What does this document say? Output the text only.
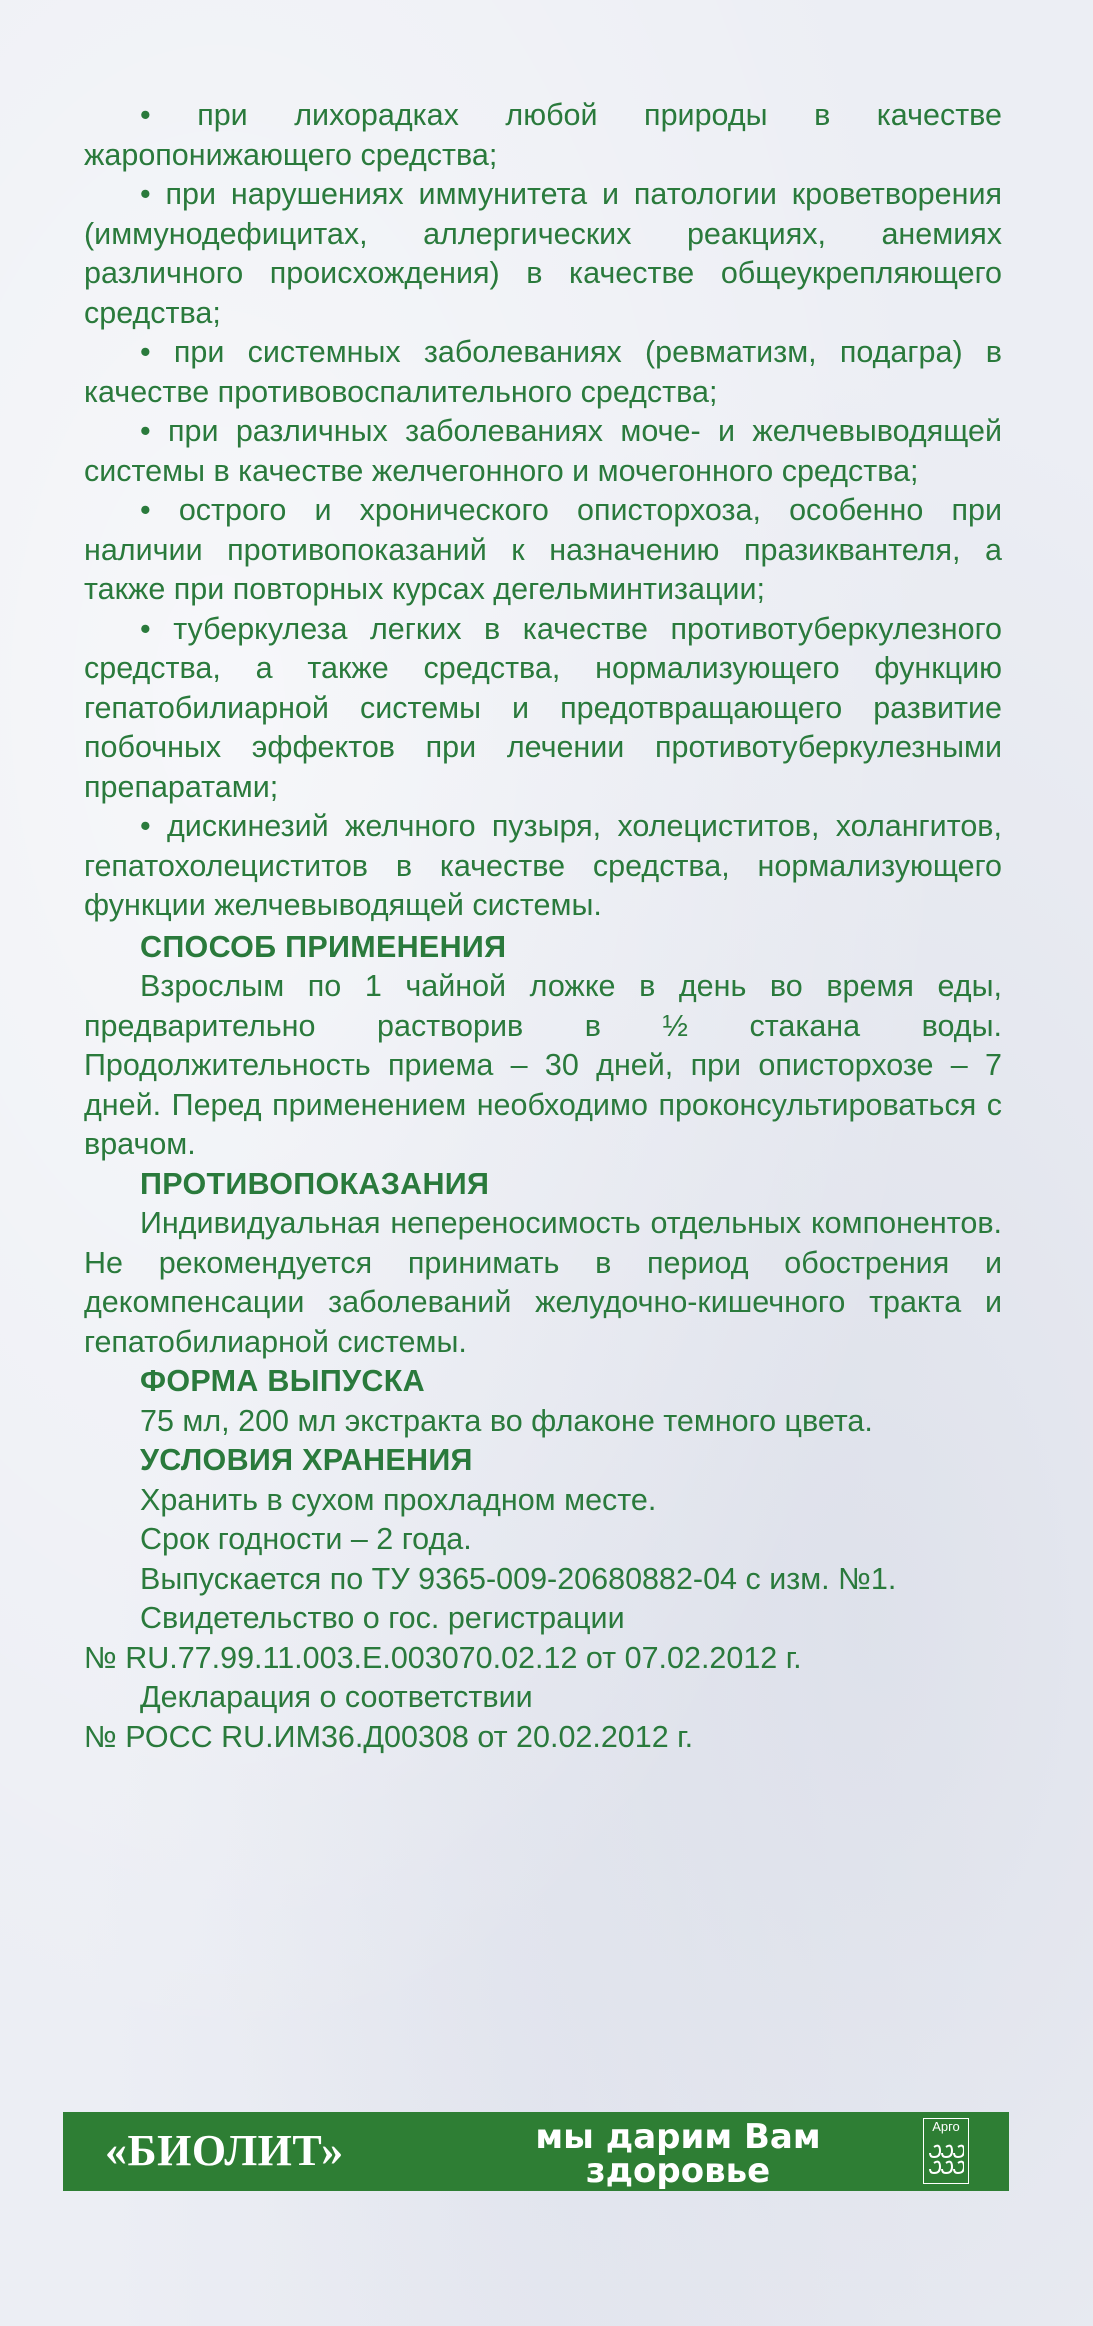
• при лихорадках любой природы в качестве жаропонижающего средства;

• при нарушениях иммунитета и патологии кроветворения (иммунодефицитах, аллергических реакциях, анемиях различного происхождения) в качестве общеукрепляющего средства;

• при системных заболеваниях (ревматизм, подагра) в качестве противовоспалительного средства;

• при различных заболеваниях моче- и желчевыводящей системы в качестве желчегонного и мочегонного средства;

• острого и хронического описторхоза, особенно при наличии противопоказаний к назначению празиквантеля, а также при повторных курсах дегельминтизации;

• туберкулеза легких в качестве противотуберкулезного средства, а также средства, нормализующего функцию гепатобилиарной системы и предотвращающего развитие побочных эффектов при лечении противотуберкулезными препаратами;

• дискинезий желчного пузыря, холециститов, холангитов, гепатохолециститов в качестве средства, нормализующего функции желчевыводящей системы.

СПОСОБ ПРИМЕНЕНИЯ

Взрослым по 1 чайной ложке в день во время еды, предварительно растворив в ½ стакана воды. Продолжительность приема – 30 дней, при описторхозе – 7 дней. Перед применением необходимо проконсультироваться с врачом.

ПРОТИВОПОКАЗАНИЯ

Индивидуальная непереносимость отдельных компонентов. Не рекомендуется принимать в период обострения и декомпенсации заболеваний желудочно-кишечного тракта и гепатобилиарной системы.

ФОРМА ВЫПУСКА

75 мл, 200 мл экстракта во флаконе темного цвета.

УСЛОВИЯ ХРАНЕНИЯ

Хранить в сухом прохладном месте.

Срок годности – 2 года.

Выпускается по ТУ 9365-009-20680882-04 с изм. №1.

Свидетельство о гос. регистрации

№ RU.77.99.11.003.Е.003070.02.12 от 07.02.2012 г.

Декларация о соответствии

№ РОСС RU.ИМ36.Д00308 от 20.02.2012 г.

«БИОЛИТ»	мы дарим Вам
здоровье
Арго
